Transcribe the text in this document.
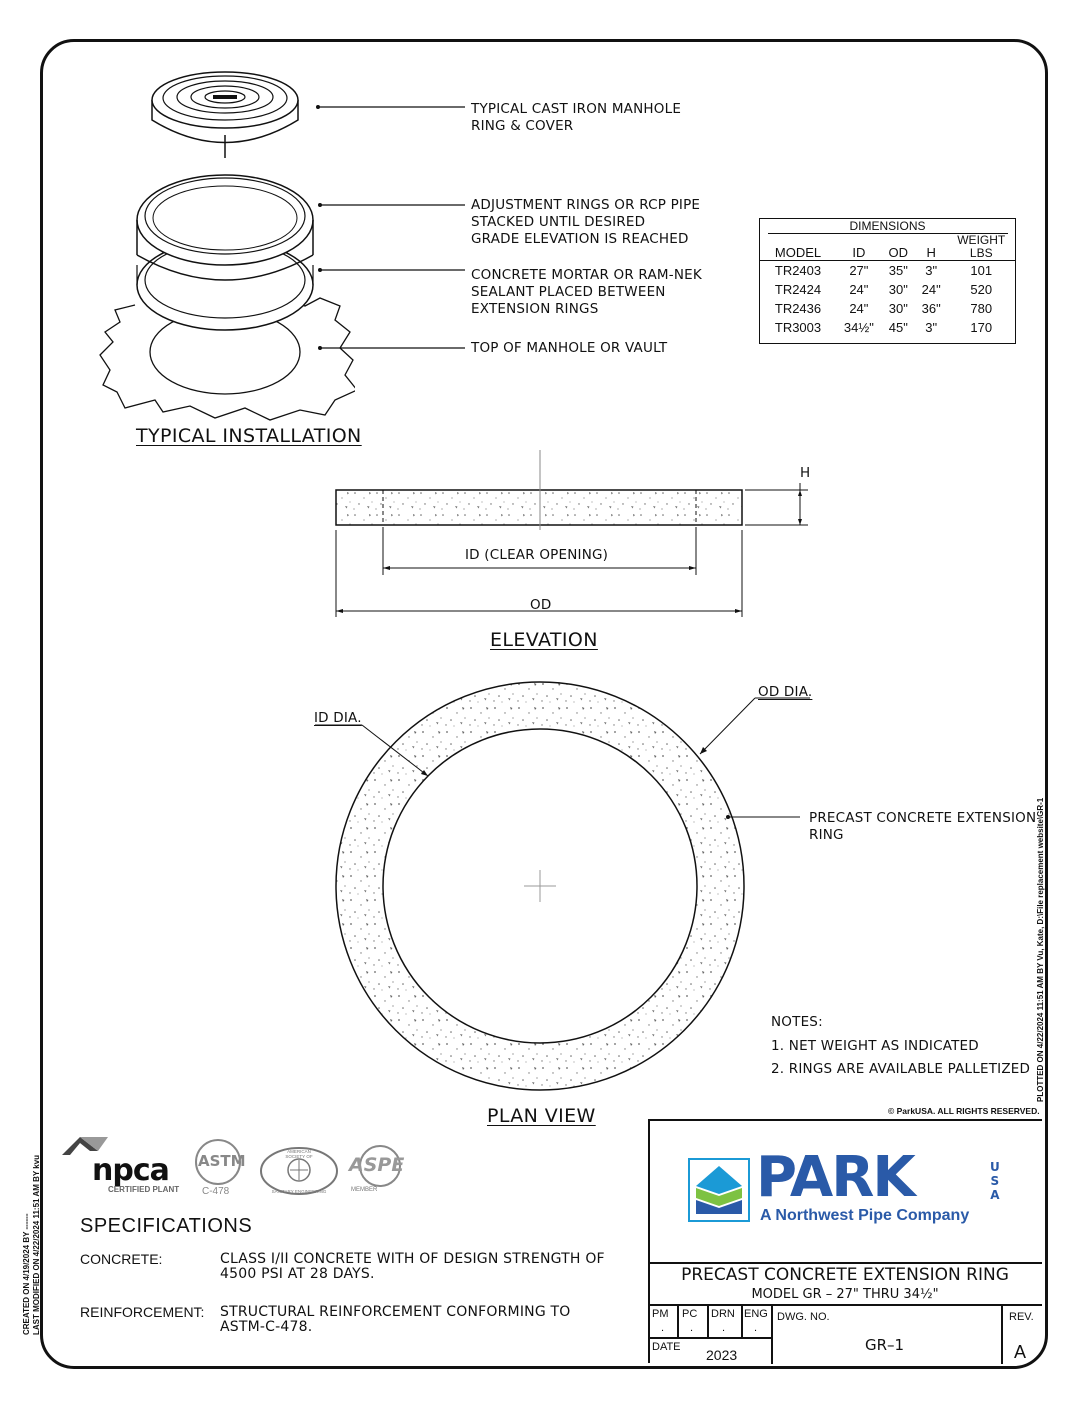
TYPICAL CAST IRON MANHOLE
RING & COVER
ADJUSTMENT RINGS OR RCP PIPE
STACKED UNTIL DESIRED
GRADE ELEVATION IS REACHED
CONCRETE MORTAR OR RAM-NEK
SEALANT PLACED BETWEEN
EXTENSION RINGS
TOP OF MANHOLE OR VAULT
TYPICAL INSTALLATION
DIMENSIONS
MODEL	ID	OD	H	WEIGHT
LBS

TR2403	27"	35"	3"	101
TR2424	24"	30"	24"	520
TR2436	24"	30"	36"	780
TR3003	34½"	45"	3"	170
H
ID (CLEAR OPENING)
OD
ELEVATION
ID DIA.
OD DIA.
PRECAST CONCRETE EXTENSION
RING
PLAN VIEW
NOTES:
1. NET WEIGHT AS INDICATED
2. RINGS ARE AVAILABLE PALLETIZED PLOTTED ON 4/22/2024 11:51 AM BY Vu, Kate, D:\File replacement website\GR-1
CREATED ON 4/19/2024 BY ------ LAST MODIFIED ON 4/22/2024 11:51 AM BY kvu
© ParkUSA. ALL RIGHTS RESERVED.
npca
CERTIFIED PLANT
ASTM
C-478
AMERICAN
SOCIETY OF
SANITARY ENGINEERING
ASPE
MEMBER
SPECIFICATIONS
CONCRETE:	CLASS I/II CONCRETE WITH OF DESIGN STRENGTH OF
4500 PSI AT 28 DAYS.
REINFORCEMENT: STRUCTURAL REINFORCEMENT CONFORMING TO
ASTM-C-478.
PARK	U
S
A
A Northwest Pipe Company
PRECAST CONCRETE EXTENSION RING
MODEL GR – 27" THRU 34½"
PM PC DRN ENG
. .	.	.
DATE 2023
DWG. NO.
GR–1
REV.
A
